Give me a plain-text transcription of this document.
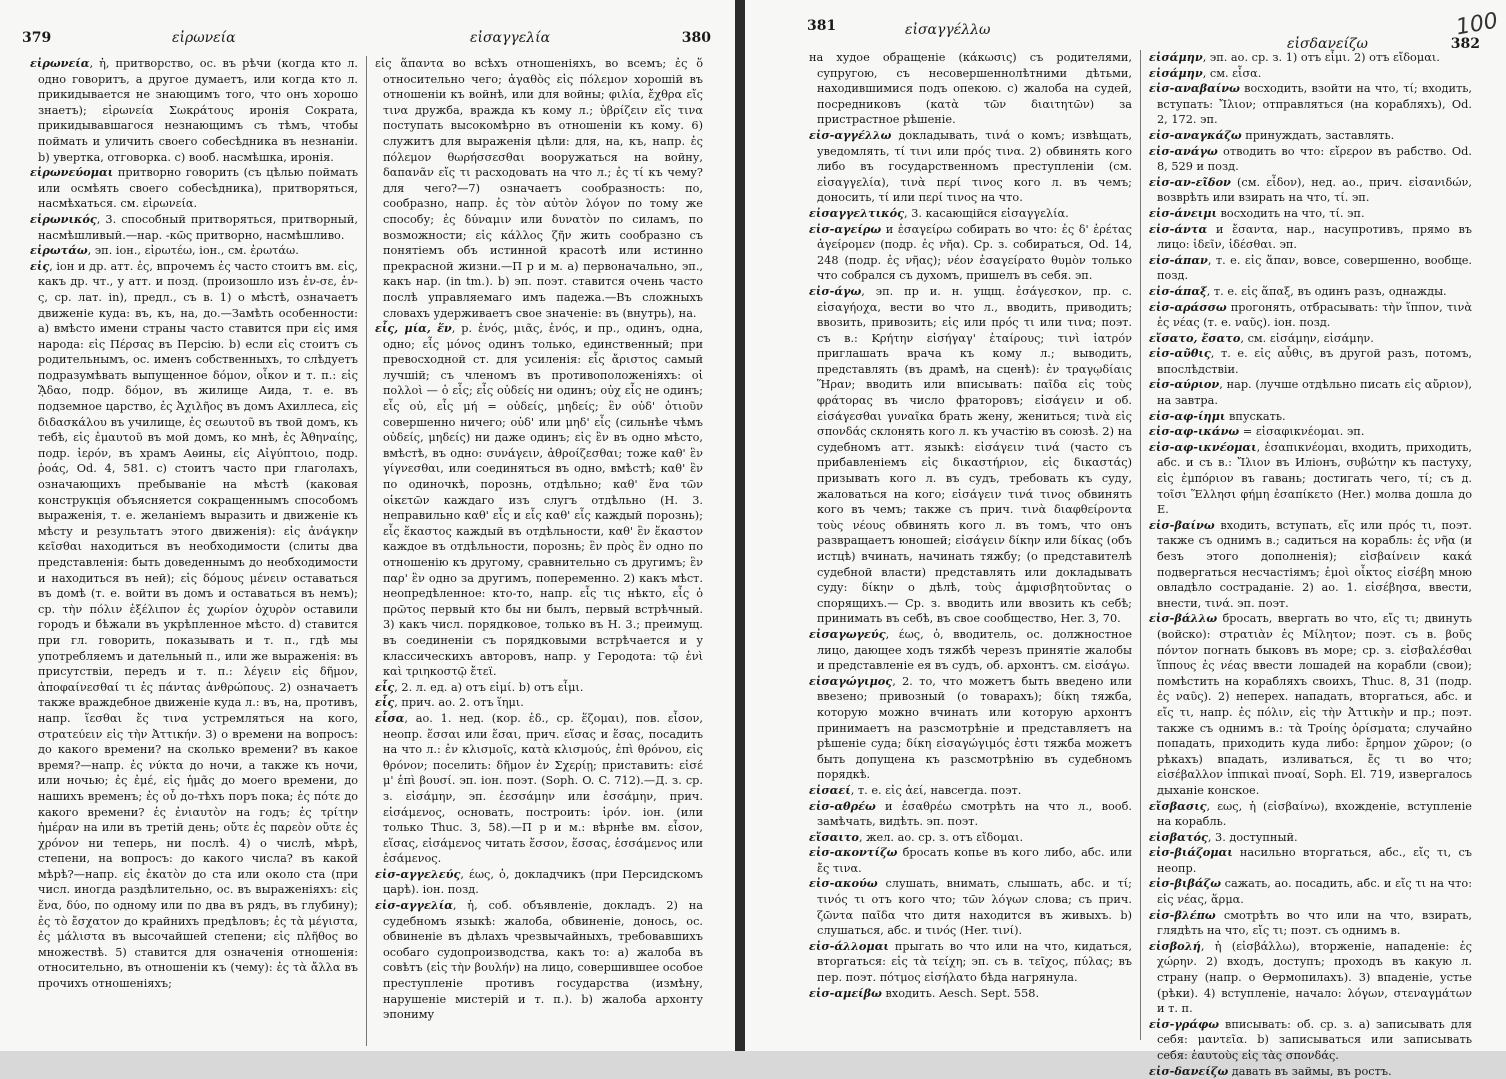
379	εἰρωνεία	εἰσαγγελία	380

εἰρωνεία, ἡ, притворство, ос. въ рѣчи (когда кто л. одно говоритъ, а другое думаетъ, или когда кто л. прикидывается не знающимъ того, что онъ хорошо знаетъ); εἰρωνεία Σωκράτους иронія Сократа, прикидывавшагося незнающимъ съ тѣмъ, чтобы поймать и уличить своего собесѣдника въ незнаніи. b) увертка, отговорка. c) вооб. насмѣшка, иронія.

εἰρωνεύομαι притворно говорить (съ цѣлью поймать или осмѣять своего собесѣдника), притворяться, насмѣхаться. см. εἰρωνεία.

εἰρωνικός, 3. способный притворяться, притворный, насмѣшливый.—нар. -κῶς притворно, насмѣшливо.

εἰρωτάω, эп. іон., εἰρωτέω, іон., см. ἐρωτάω.

εἰς, іон и др. атт. ἐς, впрочемъ ἐς часто стоитъ вм. εἰς, какъ др. чт., у атт. и позд. (произошло изъ ἐν-σε, ἐν-ς, ср. лат. in), предл., съ в. 1) о мѣстѣ, означаетъ движеніе куда: въ, къ, на, до.—Замѣть особенности: a) вмѣсто имени страны часто ставится при εἰς имя народа: εἰς Πέρσας въ Персію. b) если εἰς стоитъ съ родительнымъ, ос. именъ собственныхъ, то слѣдуетъ подразумѣвать выпущенное δόμον, οἶκον и т. п.: εἰς ᾍδαο, подр. δόμον, въ жилище Аида, т. е. въ подземное царство, ἐς Ἀχιλῆος въ домъ Ахиллеса, εἰς διδασκάλου въ училище, ἐς σεωυτοῦ въ твой домъ, къ тебѣ, εἰς ἐμαυτοῦ въ мой домъ, ко мнѣ, ἐς Ἀθηναίης, подр. ἱερόν, въ храмъ Аѳины, εἰς Αἰγύπτοιο, подр. ῥοάς, Od. 4, 581. c) стоитъ часто при глаголахъ, означающихъ пребываніе на мѣстѣ (каковая конструкція объясняется сокращеннымъ способомъ выраженія, т. е. желаніемъ выразить и движеніе къ мѣсту и результатъ этого движенія): εἰς ἀνάγκην κεῖσθαι находиться въ необходимости (слиты два представленія: быть доведеннымъ до необходимости и находиться въ ней); εἰς δόμους μένειν оставаться въ домѣ (т. е. войти въ домъ и оставаться въ немъ); ср. τὴν πόλιν ἐξέλιπον ἐς χωρίον ὀχυρὸν оставили городъ и бѣжали въ укрѣпленное мѣсто. d) ставится при гл. говорить, показывать и т. п., гдѣ мы употребляемъ и дательный п., или же выраженія: въ присутствіи, передъ и т. п.: λέγειν εἰς δῆμον, ἀποφαίνεσθαί τι ἐς πάντας ἀνθρώπους. 2) означаетъ также враждебное движеніе куда л.: въ, на, противъ, напр. ἵεσθαι ἔς τινα устремляться на кого, στρατεύειν εἰς τὴν Ἀττικήν. 3) о времени на вопросъ: до какого времени? на сколько времени? въ какое время?—напр. ἐς νύκτα до ночи, а также къ ночи, или ночью; ἐς ἐμέ, εἰς ἡμᾶς до моего времени, до нашихъ временъ; ἐς οὗ до-тѣхъ поръ пока; ἐς πότε до какого времени? ἐς ἐνιαυτὸν на годъ; ἐς τρίτην ἡμέραν на или въ третій день; οὔτε ἐς παρεὸν οὔτε ἐς χρόνον ни теперь, ни послѣ. 4) о числѣ, мѣрѣ, степени, на вопросъ: до какого числа? въ какой мѣрѣ?—напр. εἰς ἑκατὸν до ста или около ста (при числ. иногда раздѣлительно, ос. въ выраженіяхъ: εἰς ἕνα, δύο, по одному или по два въ рядъ, въ глубину); ἐς τὸ ἔσχατον до крайнихъ предѣловъ; ἐς τὰ μέγιστα, ἐς μάλιστα въ высочайшей степени; εἰς πλῆθος во множествѣ. 5) ставится для означенія отношенія: относительно, въ отношеніи къ (чему): ἐς τὰ ἄλλα въ прочихъ отношеніяхъ;

εἰς ἅπαντα во всѣхъ отношеніяхъ, во всемъ; ἐς ὅ относительно чего; ἀγαθὸς εἰς πόλεμον хорошій въ отношеніи къ войнѣ, или для войны; φιλία, ἔχθρα εἴς τινα дружба, вражда къ кому л.; ὑβρίζειν εἴς τινα поступать высокомѣрно въ отношеніи къ кому. 6) служитъ для выраженія цѣли: для, на, къ, напр. ἐς πόλεμον θωρήσσεσθαι вооружаться на войну, δαπανᾶν εἴς τι расходовать на что л.; ἐς τί къ чему? для чего?—7) означаетъ сообразность: по, сообразно, напр. ἐς τὸν αὐτὸν λόγον по тому же способу; ἐς δύναμιν или δυνατὸν по силамъ, по возможности; εἰς κάλλος ζῆν жить сообразно съ понятіемъ объ истинной красотѣ или истинно прекрасной жизни.—П р и м. a) первоначально, эп., какъ нар. (in tm.). b) эп. поэт. ставится очень часто послѣ управляемаго имъ падежа.—Въ сложныхъ словахъ удерживаетъ свое значеніе: въ (внутрь), на.

εἷς, μία, ἕν, р. ἑνός, μιᾶς, ἑνός, и пр., одинъ, одна, одно; εἷς μόνος одинъ только, единственный; при превосходной ст. для усиленія: εἷς ἄριστος самый лучшій; съ членомъ въ противоположеніяхъ: οἱ πολλοὶ — ὁ εἷς; εἷς οὐδείς ни одинъ; οὐχ εἷς не одинъ; εἷς οὐ, εἷς μή = οὐδείς, μηδείς; ἓν οὐδ' ὁτιοῦν совершенно ничего; οὐδ' или μηδ' εἷς (сильнѣе чѣмъ οὐδείς, μηδείς) ни даже одинъ; εἰς ἓν въ одно мѣсто, вмѣстѣ, въ одно: συνάγειν, ἀθροίζεσθαι; тоже καθ' ἓν γίγνεσθαι, или соединяться въ одно, вмѣстѣ; καθ' ἓν по одиночкѣ, порознь, отдѣльно; καθ' ἕνα τῶν οἰκετῶν каждаго изъ слугъ отдѣльно (H. 3. неправильно καθ' εἷς и εἷς καθ' εἷς каждый порознь); εἷς ἕκαστος каждый въ отдѣльности, καθ' ἓν ἕκαστον каждое въ отдѣльности, порознь; ἓν πρὸς ἓν одно по отношенію къ другому, сравнительно съ другимъ; ἓν παρ' ἓν одно за другимъ, попеременно. 2) какъ мѣст. неопредѣленное: кто-то, напр. εἷς τις нѣкто, εἷς ὁ πρῶτος первый кто бы ни былъ, первый встрѣчный. 3) какъ числ. порядковое, только въ H. 3.; преимущ. въ соединеніи съ порядковыми встрѣчается и у классическихъ авторовъ, напр. у Геродота: τῷ ἑνὶ καὶ τριηκοστῷ ἔτεϊ.

εἷς, 2. л. ед. a) отъ εἰμί. b) отъ εἶμι.

εἷς, прич. ао. 2. отъ ἵημι.

εἷσα, ао. 1. нед. (кор. ἑδ., ср. ἕζομαι), пов. εἷσον, неопр. ἕσσαι или ἕσαι, прич. εἵσας и ἕσας, посадить на что л.: ἐν κλισμοῖς, κατὰ κλισμούς, ἐπὶ θρόνου, εἰς θρόνον; поселить: δῆμον ἐν Σχερίῃ; приставить: εἰσέ μ' ἐπὶ βουσί. эп. іон. поэт. (Soph. O. C. 712).—Д. з. ср. з. εἰσάμην, эп. ἑεσσάμην или ἑσσάμην, прич. εἰσάμενος, основать, построить: ἱρόν. іон. (или только Thuc. 3, 58).—П р и м.: вѣрнѣе вм. εἷσον, εἵσας, εἰσάμενος читать ἕσσον, ἕσσας, ἑσσάμενος или ἑσάμενος.

εἰσ-αγγελεύς, έως, ὁ, докладчикъ (при Персидскомъ царѣ). іон. позд.

εἰσ-αγγελία, ἡ, соб. объявленіе, докладъ. 2) на судебномъ языкѣ: жалоба, обвиненіе, донось, ос. обвиненіе въ дѣлахъ чрезвычайныхъ, требовавшихъ особаго судопроизводства, какъ то: a) жалоба въ совѣтъ (εἰς τὴν βουλήν) на лицо, совершившее особое преступленіе противъ государства (измѣну, нарушеніе мистерій и т. п.). b) жалоба архонту эпониму

381	εἰσαγγέλλω
εἰσδανείζω	382
100

на худое обращеніе (κάκωσις) съ родителями, супругою, съ несовершеннолѣтними дѣтьми, находившимися подъ опекою. c) жалоба на судей, посредниковъ (κατὰ τῶν διαιτητῶν) за пристрастное рѣшеніе.

εἰσ-αγγέλλω докладывать, τινά о комъ; извѣщать, уведомлять, τί τινι или πρός τινα. 2) обвинять кого либо въ государственномъ преступленіи (см. εἰσαγγελία), τινὰ περί τινος кого л. въ чемъ; доносить, τί или περί τινος на что.

εἰσαγγελτικός, 3. касающійся εἰσαγγελία.

εἰσ-αγείρω и ἐσαγείρω собирать во что: ἐς δ' ἐρέτας ἀγείρομεν (подр. ἐς νῆα). Ср. з. собираться, Od. 14, 248 (подр. ἐς νῆας); νέον ἐσαγείρατο θυμὸν только что собрался съ духомъ, пришелъ въ себя. эп.

εἰσ-άγω, эп. пр и. н. ущщ. ἐσάγεσκον, пр. с. εἰσαγήοχα, вести во что л., вводить, приводить; ввозить, привозить; εἰς или πρός τι или τινα; поэт. съ в.: Κρήτην εἰσήγαγ' ἑταίρους; τινὶ ἰατρόν приглашать врача къ кому л.; выводить, представлять (въ драмѣ, на сценѣ): ἐν τραγῳδίαις Ἥραν; вводить или вписывать: παῖδα εἰς τοὺς φράτορας въ число фраторовъ; εἰσάγειν и об. εἰσάγεσθαι γυναῖκα брать жену, жениться; τινὰ εἰς σπονδάς склонять кого л. къ участію въ союзѣ. 2) на судебномъ атт. языкѣ: εἰσάγειν τινά (часто съ прибавленіемъ εἰς δικαστήριον, εἰς δικαστάς) призывать кого л. въ судъ, требовать къ суду, жаловаться на кого; εἰσάγειν τινά τινος обвинять кого въ чемъ; также съ прич. τινὰ διαφθείροντα τοὺς νέους обвинять кого л. въ томъ, что онъ развращаетъ юношей; εἰσάγειν δίκην или δίκας (объ истцѣ) вчинать, начинать тяжбу; (о представителѣ судебной власти) представлять или докладывать суду: δίκην о дѣлѣ, τοὺς ἀμφισβητοῦντας о спорящихъ.— Ср. з. вводить или ввозить къ себѣ; принимать въ себѣ, въ свое сообщество, Her. 3, 70.

εἰσαγωγεύς, έως, ὁ, вводитель, ос. должностное лицо, дающее ходъ тяжбѣ черезъ принятіе жалобы и представленіе ея въ судъ, об. архонтъ. см. εἰσάγω.

εἰσαγώγιμος, 2. то, что можетъ быть введено или ввезено; привозный (о товарахъ); δίκη тяжба, которую можно вчинать или которую архонтъ принимаетъ на разсмотрѣніе и представляетъ на рѣшеніе суда; δίκη εἰσαγώγιμός ἐστι тяжба можетъ быть допущена къ разсмотрѣнію въ судебномъ порядкѣ.

εἰσαεί, т. е. εἰς ἀεί, навсегда. поэт.

εἰσ-αθρέω и ἐσαθρέω смотрѣть на что л., вооб. замѣчать, видѣть. эп. поэт.

εἴσαιτο, жел. ао. ср. з. отъ εἴδομαι.

εἰσ-ακοντίζω бросать копье въ кого либо, абс. или ἔς τινα.

εἰσ-ακούω слушать, внимать, слышать, абс. и τί; τινός τι отъ кого что; τῶν λόγων слова; съ прич. ζῶντα παῖδα что дитя находится въ живыхъ. b) слушаться, абс. и τινός (Her. τινί).

εἰσ-άλλομαι прыгать во что или на что, кидаться, вторгаться: εἰς τὰ τείχη; эп. съ в. τεῖχος, πύλας; въ пер. поэт. πότμος εἰσήλατο бѣда нагрянула.

εἰσ-αμείβω входить. Aesch. Sept. 558.

εἰσάμην, эп. ао. ср. з. 1) отъ εἶμι. 2) отъ εἴδομαι.

εἰσάμην, см. εἷσα.

εἰσ-αναβαίνω восходить, взойти на что, τί; входить, вступать: Ἴλιον; отправляться (на корабляхъ), Od. 2, 172. эп.

εἰσ-αναγκάζω принуждать, заставлять.

εἰσ-ανάγω отводить во что: εἴρερον въ рабство. Od. 8, 529 и позд.

εἰσ-αν-εῖδον (см. εἶδον), нед. ао., прич. εἰσανιδών, возврѣть или взирать на что, τί. эп.

εἰσ-άνειμι восходить на что, τί. эп.

εἰσ-άντα и ἔσαντα, нар., насупротивъ, прямо въ лицо: ἰδεῖν, ἰδέσθαι. эп.

εἰσ-άπαν, т. е. εἰς ἅπαν, вовсе, совершенно, вообще. позд.

εἰσ-άπαξ, т. е. εἰς ἅπαξ, въ одинъ разъ, однажды.

εἰσ-αράσσω прогонять, отбрасывать: τὴν ἵππον, τινὰ ἐς νέας (т. е. ναῦς). іон. позд.

εἴσατο, ἔσατο, см. εἰσάμην, εἰσάμην.

εἰσ-αῦθις, т. е. εἰς αὖθις, въ другой разъ, потомъ, впослѣдствіи.

εἰσ-αύριον, нар. (лучше отдѣльно писать εἰς αὔριον), на завтра.

εἰσ-αφ-ίημι впускать.

εἰσ-αφ-ικάνω = εἰσαφικνέομαι. эп.

εἰσ-αφ-ικνέομαι, ἐσαπικνέομαι, входить, приходить, абс. и съ в.: Ἴλιον въ Иліонъ, συβώτην къ пастуху, εἰς ἐμπόριον въ гавань; достигать чего, τί; съ д. τοῖσι Ἕλλησι φήμη ἐσαπίκετο (Her.) молва дошла до Е.

εἰσ-βαίνω входить, вступать, εἴς или πρός τι, поэт. также съ однимъ в.; садиться на корабль: ἐς νῆα (и безъ этого дополненія); εἰσβαίνειν κακά подвергаться несчастіямъ; ἐμοὶ οἶκτος εἰσέβη мною овладѣло состраданіе. 2) ао. 1. εἰσέβησα, ввести, внести, τινά. эп. поэт.

εἰσ-βάλλω бросать, ввергать во что, εἴς τι; двинуть (войско): στρατιὰν ἐς Μίλητον; поэт. съ в. βοῦς πόντον погнать быковъ въ море; ср. з. εἰσβαλέσθαι ἵππους ἐς νέας ввести лошадей на корабли (свои); помѣстить на корабляхъ своихъ, Thuc. 8, 31 (подр. ἐς ναῦς). 2) неперех. нападать, вторгаться, абс. и εἴς τι, напр. ἐς πόλιν, εἰς τὴν Ἀττικὴν и пр.; поэт. также съ однимъ в.: τὰ Τροίης ὁρίσματα; случайно попадать, приходить куда либо: ἔρημον χῶρον; (о рѣкахъ) впадать, изливаться, ἔς τι во что; εἰσέβαλλον ἱππικαὶ πνοαί, Soph. El. 719, извергалось дыханіе конское.

εἴσβασις, εως, ἡ (εἰσβαίνω), вхожденіе, вступленіе на корабль.

εἰσβατός, 3. доступный.

εἰσ-βιάζομαι насильно вторгаться, абс., εἴς τι, съ неопр.

εἰσ-βιβάζω сажать, ао. посадить, абс. и εἴς τι на что: εἰς νέας, ἅρμα.

εἰσ-βλέπω смотрѣть во что или на что, взирать, глядѣть на что, εἴς τι; поэт. съ однимъ в.

εἰσβολή, ἡ (εἰσβάλλω), вторженіе, нападеніе: ἐς χώρην. 2) входъ, доступъ; проходъ въ какую л. страну (напр. о Ѳермопилахъ). 3) впаденіе, устье (рѣки). 4) вступленіе, начало: λόγων, στεναγμάτων и т. п.

εἰσ-γράφω вписывать: об. ср. з. a) записывать для себя: μαντεῖα. b) записываться или записывать себя: ἑαυτοὺς εἰς τὰς σπονδάς.

εἰσ-δανείζω давать въ займы, въ ростъ.
